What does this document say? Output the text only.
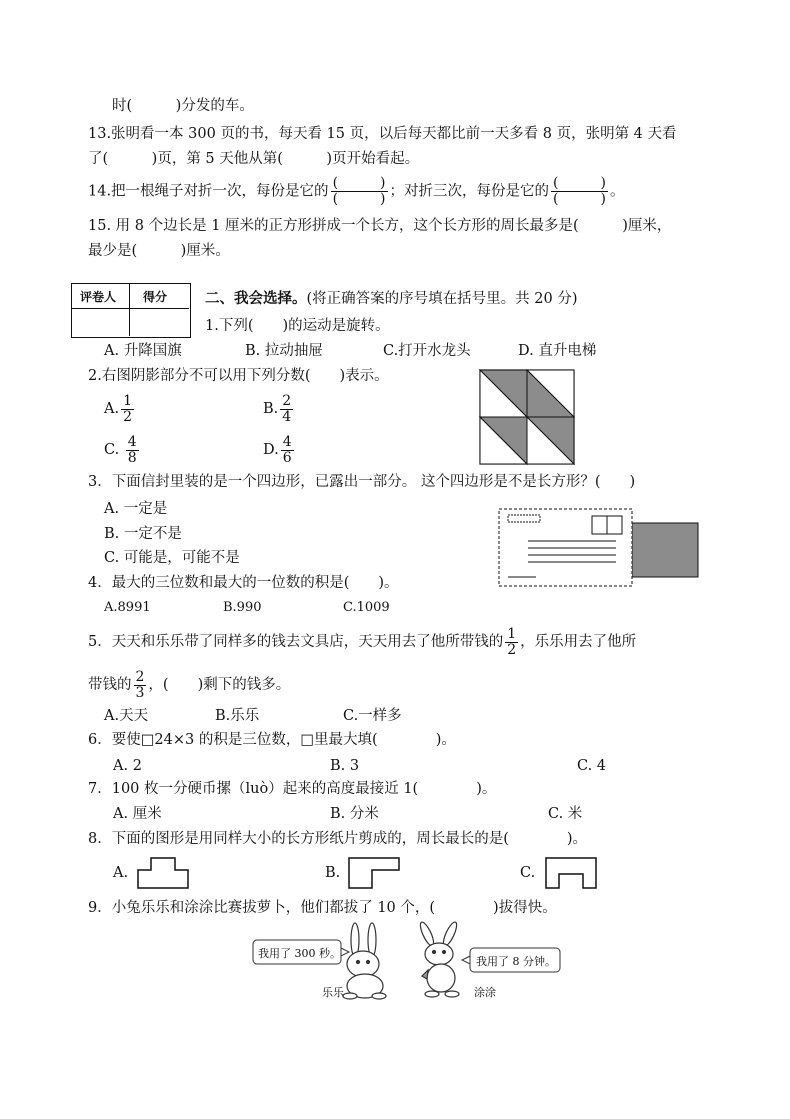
时(　　　)分发的车。
13.张明看一本 300 页的书，每天看 15 页，以后每天都比前一天多看 8 页，张明第 4 天看
了(　　　)页，第 5 天他从第(　　　)页开始看起。
14.把一根绳子对折一次，每份是它的 $\frac{( )}{( )}$ ；对折三次，每份是它的 $\frac{( )}{( )}$ 。
15. 用 8 个边长是 1 厘米的正方形拼成一个长方，这个长方形的周长最多是(　　　)厘米，
最少是(　　　)厘米。
评卷人 得分	二、我会选择。(将正确答案的序号填在括号里。共 20 分)
1.下列(　　)的运动是旋转。
A. 升降国旗	B. 拉动抽屉	C.打开水龙头	D. 直升电梯
2.右图阴影部分不可以用下列分数(　　)表示。
A. $\frac{1}{2}$	B. $\frac{2}{4}$
C. $\frac{4}{8}$	D. $\frac{4}{6}$
3．下面信封里装的是一个四边形，已露出一部分。 这个四边形是不是长方形？(　　)
A. 一定是
B. 一定不是
C. 可能是，可能不是
4．最大的三位数和最大的一位数的积是(　　)。
A.8991	B.990	C.1009
5．天天和乐乐带了同样多的钱去文具店，天天用去了他所带钱的 $\frac{1}{2}$ ，乐乐用去了他所
带钱的 $\frac{2}{3}$ ，(　　)剩下的钱多。
A.天天	B.乐乐	C.一样多
6．要使□24×3 的积是三位数，□里最大填(　　　　)。
A. 2	B. 3	C. 4
7．100 枚一分硬币摞（luò）起来的高度最接近 1(　　　　)。
A. 厘米	B. 分米	C. 米
8．下面的图形是用同样大小的长方形纸片剪成的，周长最长的是(　　　　)。
A.	B.	C.
9．小兔乐乐和涂涂比赛拔萝卜，他们都拔了 10 个，(　　　　)拔得快。
我用了 300 秒。
我用了 8 分钟。
乐乐	涂涂
